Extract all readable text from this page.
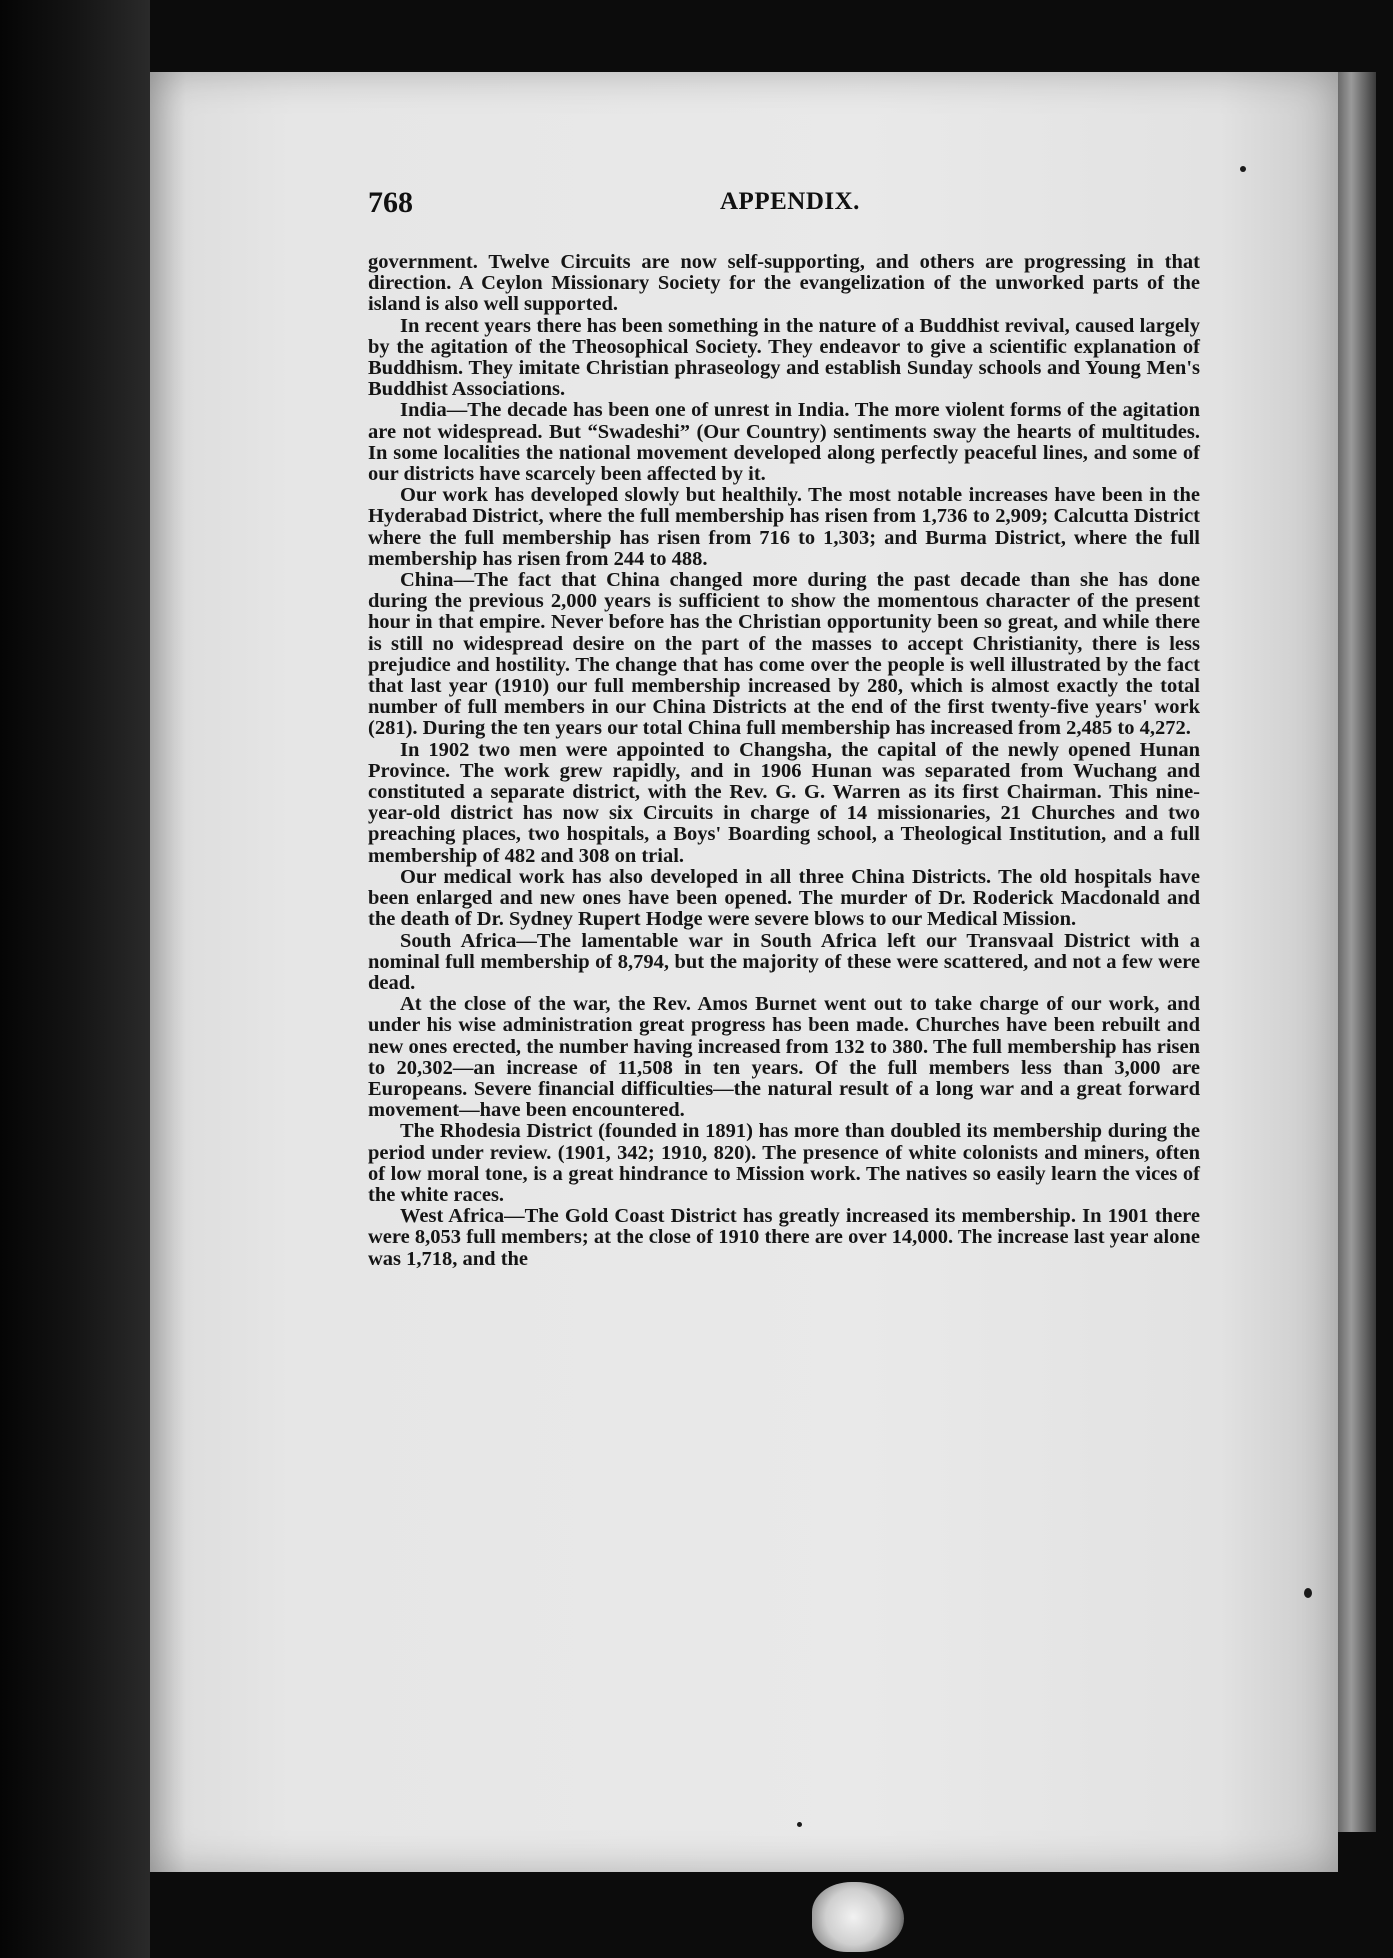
768	APPENDIX.

government. Twelve Circuits are now self-supporting, and others are progressing in that direction. A Ceylon Missionary Society for the evangelization of the unworked parts of the island is also well supported.

In recent years there has been something in the nature of a Buddhist revival, caused largely by the agitation of the Theosophical Society. They endeavor to give a scientific explanation of Buddhism. They imitate Christian phraseology and establish Sunday schools and Young Men's Buddhist Associations.

India—The decade has been one of unrest in India. The more violent forms of the agitation are not widespread. But “Swadeshi” (Our Country) sentiments sway the hearts of multitudes. In some localities the national movement developed along perfectly peaceful lines, and some of our districts have scarcely been affected by it.

Our work has developed slowly but healthily. The most notable increases have been in the Hyderabad District, where the full membership has risen from 1,736 to 2,909; Calcutta District where the full membership has risen from 716 to 1,303; and Burma District, where the full membership has risen from 244 to 488.

China—The fact that China changed more during the past decade than she has done during the previous 2,000 years is sufficient to show the momentous character of the present hour in that empire. Never before has the Christian opportunity been so great, and while there is still no widespread desire on the part of the masses to accept Christianity, there is less prejudice and hostility. The change that has come over the people is well illustrated by the fact that last year (1910) our full membership increased by 280, which is almost exactly the total number of full members in our China Districts at the end of the first twenty-five years' work (281). During the ten years our total China full membership has increased from 2,485 to 4,272.

In 1902 two men were appointed to Changsha, the capital of the newly opened Hunan Province. The work grew rapidly, and in 1906 Hunan was separated from Wuchang and constituted a separate district, with the Rev. G. G. Warren as its first Chairman. This nine-year-old district has now six Circuits in charge of 14 missionaries, 21 Churches and two preaching places, two hospitals, a Boys' Boarding school, a Theological Institution, and a full membership of 482 and 308 on trial.

Our medical work has also developed in all three China Districts. The old hospitals have been enlarged and new ones have been opened. The murder of Dr. Roderick Macdonald and the death of Dr. Sydney Rupert Hodge were severe blows to our Medical Mission.

South Africa—The lamentable war in South Africa left our Transvaal District with a nominal full membership of 8,794, but the majority of these were scattered, and not a few were dead.

At the close of the war, the Rev. Amos Burnet went out to take charge of our work, and under his wise administration great progress has been made. Churches have been rebuilt and new ones erected, the number having increased from 132 to 380. The full membership has risen to 20,302—an increase of 11,508 in ten years. Of the full members less than 3,000 are Europeans. Severe financial difficulties—the natural result of a long war and a great forward movement—have been encountered.

The Rhodesia District (founded in 1891) has more than doubled its membership during the period under review. (1901, 342; 1910, 820). The presence of white colonists and miners, often of low moral tone, is a great hindrance to Mission work. The natives so easily learn the vices of the white races.

West Africa—The Gold Coast District has greatly increased its membership. In 1901 there were 8,053 full members; at the close of 1910 there are over 14,000. The increase last year alone was 1,718, and the
